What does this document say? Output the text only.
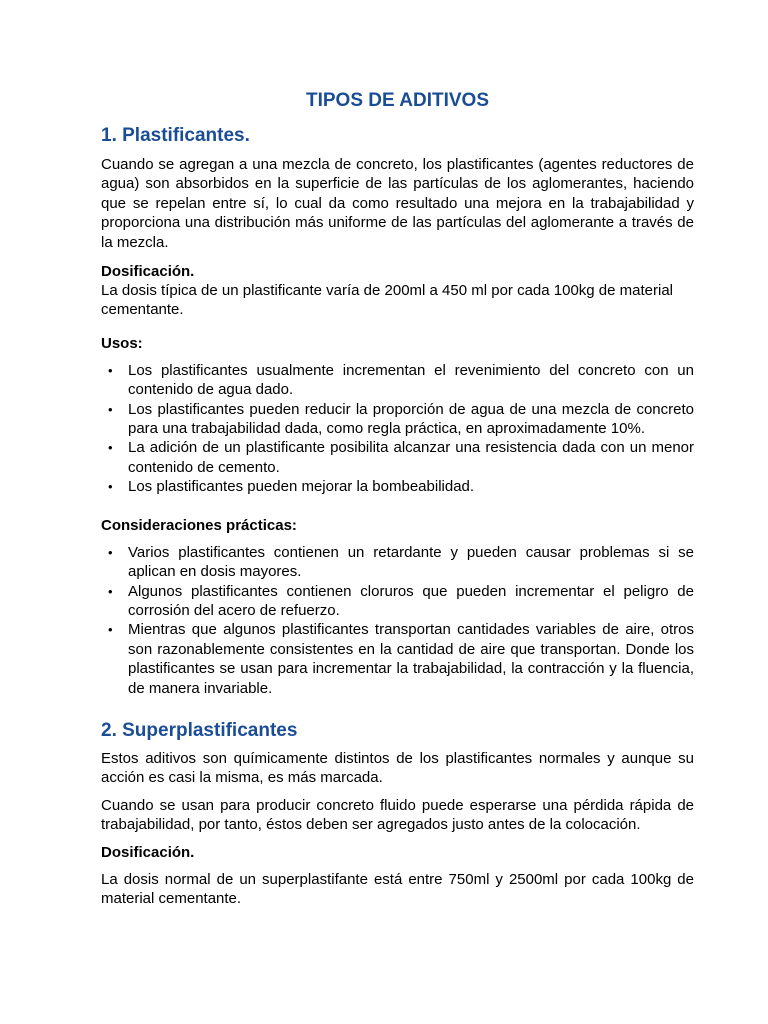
TIPOS DE ADITIVOS
1. Plastificantes.

Cuando se agregan a una mezcla de concreto, los plastificantes (agentes reductores de agua) son absorbidos en la superficie de las partículas de los aglomerantes, haciendo que se repelan entre sí, lo cual da como resultado una mejora en la trabajabilidad y proporciona una distribución más uniforme de las partículas del aglomerante a través de la mezcla.

Dosificación.

La dosis típica de un plastificante varía de 200ml a 450 ml por cada 100kg de material cementante.

Usos:
• Los plastificantes usualmente incrementan el revenimiento del concreto con un contenido de agua dado.
• Los plastificantes pueden reducir la proporción de agua de una mezcla de concreto para una trabajabilidad dada, como regla práctica, en aproximadamente 10%.
• La adición de un plastificante posibilita alcanzar una resistencia dada con un menor contenido de cemento.
• Los plastificantes pueden mejorar la bombeabilidad.
Consideraciones prácticas:
• Varios plastificantes contienen un retardante y pueden causar problemas si se aplican en dosis mayores.
• Algunos plastificantes contienen cloruros que pueden incrementar el peligro de corrosión del acero de refuerzo.
• Mientras que algunos plastificantes transportan cantidades variables de aire, otros son razonablemente consistentes en la cantidad de aire que transportan. Donde los plastificantes se usan para incrementar la trabajabilidad, la contracción y la fluencia, de manera invariable.
2. Superplastificantes

Estos aditivos son químicamente distintos de los plastificantes normales y aunque su acción es casi la misma, es más marcada.

Cuando se usan para producir concreto fluido puede esperarse una pérdida rápida de trabajabilidad, por tanto, éstos deben ser agregados justo antes de la colocación.

Dosificación.

La dosis normal de un superplastifante está entre 750ml y 2500ml por cada 100kg de material cementante.
